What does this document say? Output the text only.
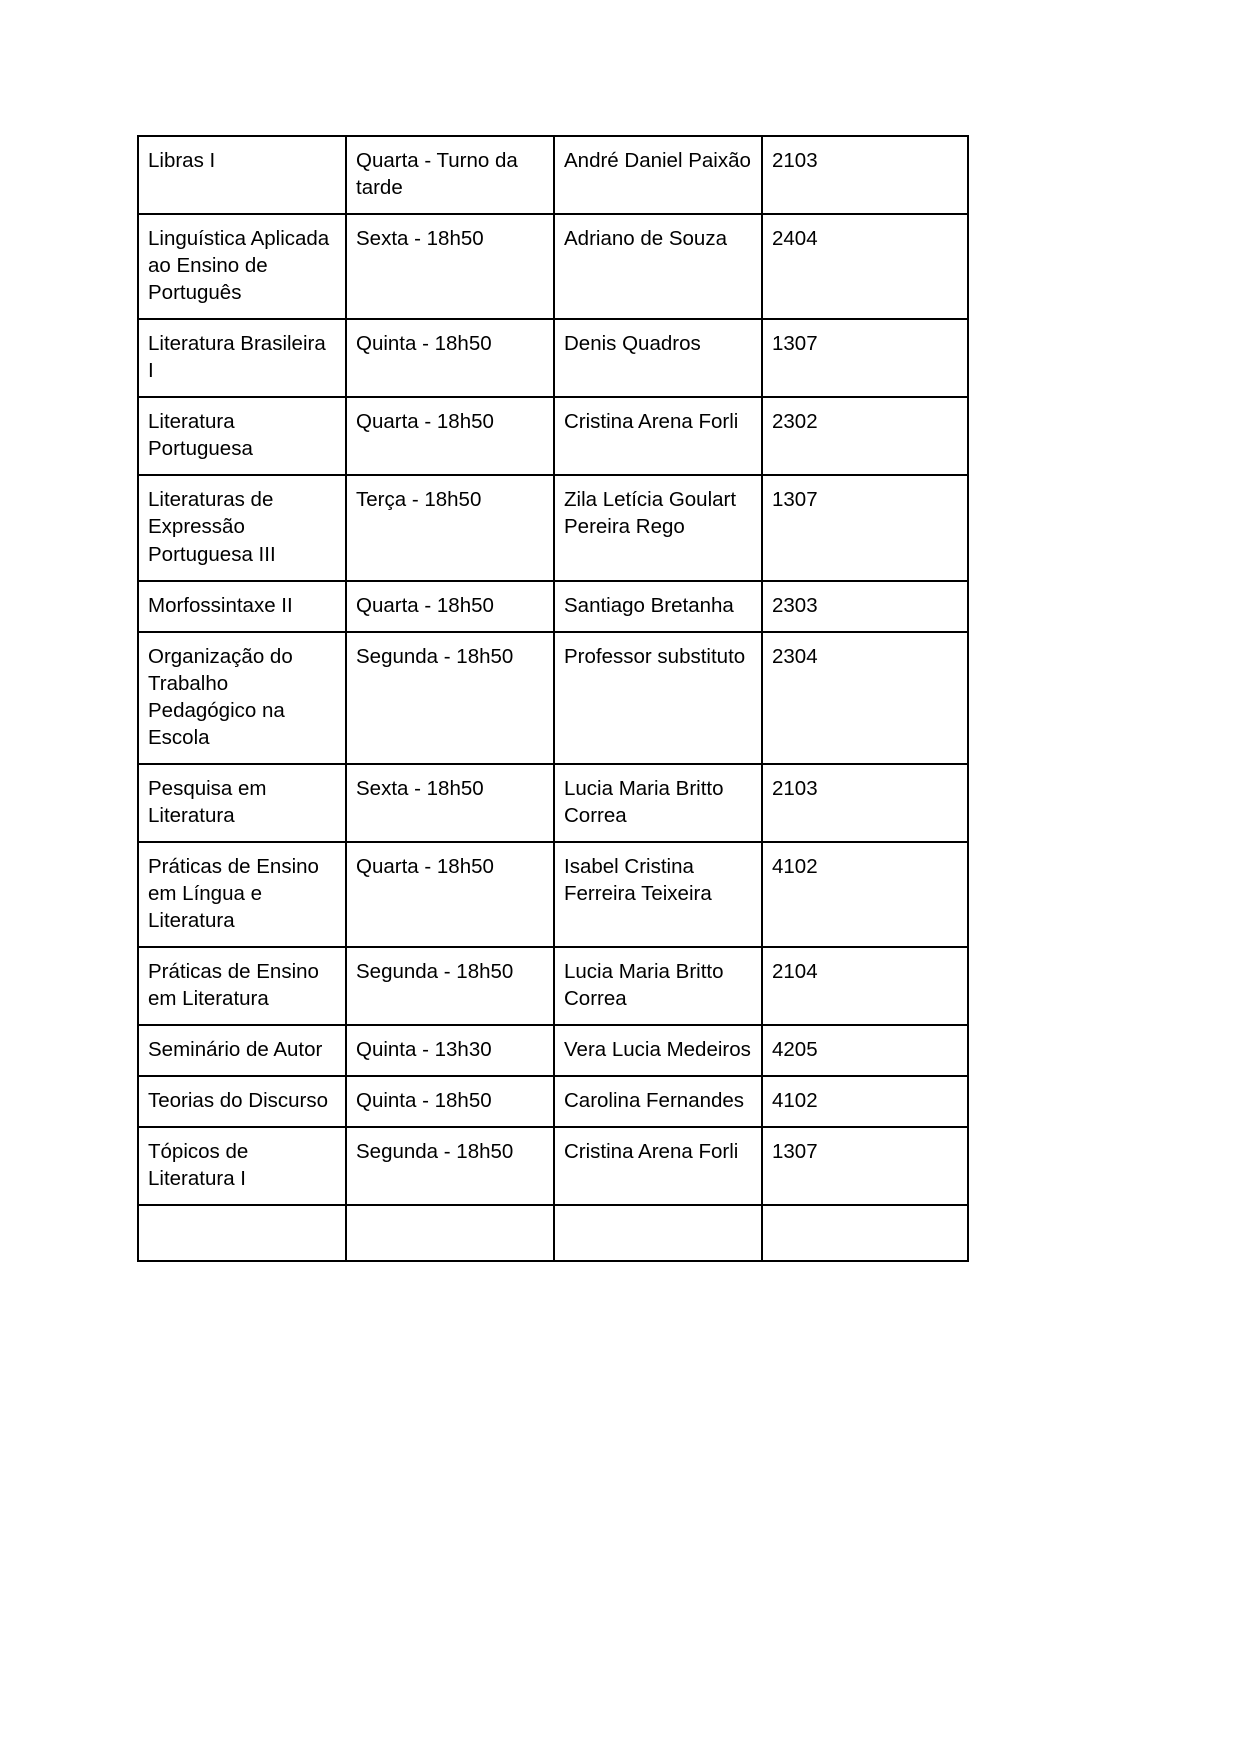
Libras I	Quarta - Turno da tarde	André Daniel Paixão	2103
Linguística Aplicada ao Ensino de Português	Sexta - 18h50	Adriano de Souza	2404
Literatura Brasileira I	Quinta - 18h50	Denis Quadros	1307
Literatura Portuguesa	Quarta - 18h50	Cristina Arena Forli	2302
Literaturas de Expressão Portuguesa III	Terça - 18h50	Zila Letícia Goulart Pereira Rego	1307
Morfossintaxe II	Quarta - 18h50	Santiago Bretanha	2303
Organização do Trabalho Pedagógico na Escola	Segunda - 18h50	Professor substituto	2304
Pesquisa em Literatura	Sexta - 18h50	Lucia Maria Britto Correa	2103
Práticas de Ensino em Língua e Literatura	Quarta - 18h50	Isabel Cristina Ferreira Teixeira	4102
Práticas de Ensino em Literatura	Segunda - 18h50	Lucia Maria Britto Correa	2104
Seminário de Autor	Quinta - 13h30	Vera Lucia Medeiros	4205
Teorias do Discurso	Quinta - 18h50	Carolina Fernandes	4102
Tópicos de Literatura I	Segunda - 18h50	Cristina Arena Forli	1307
